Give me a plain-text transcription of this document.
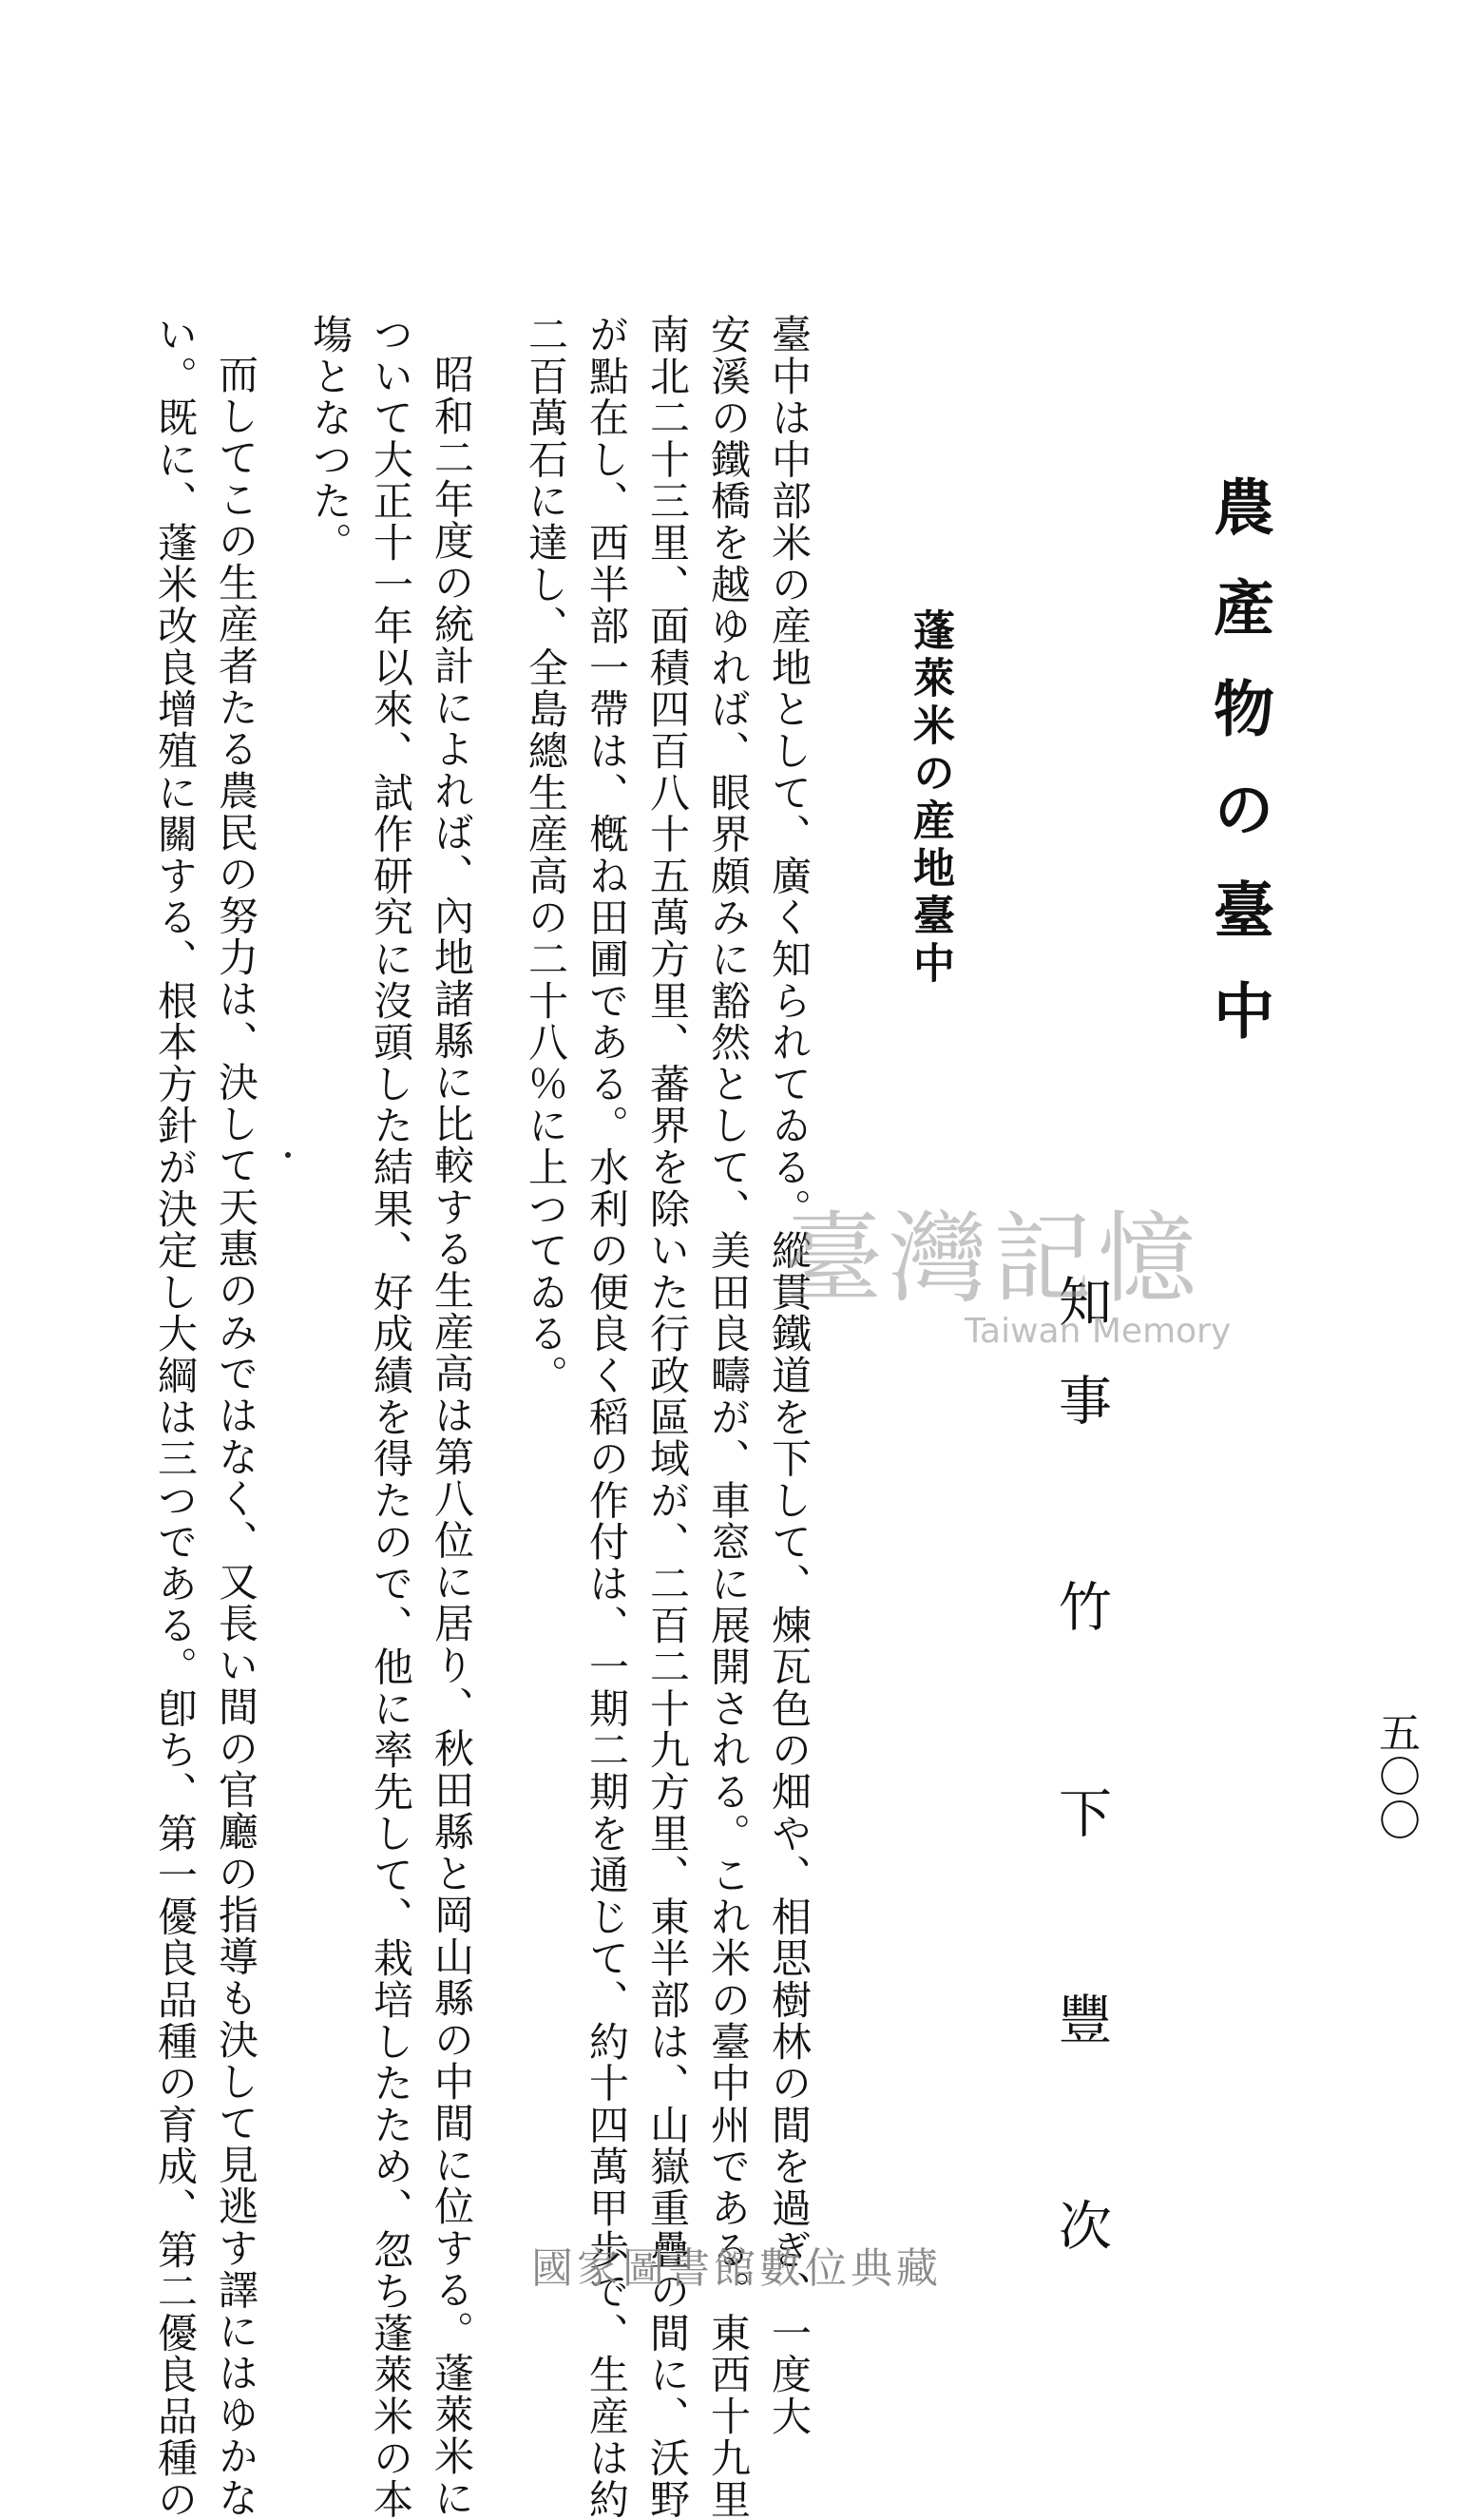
農產物の臺中
五〇〇
蓬萊米の産地臺中
知事 竹 下 豐 次
臺中は中部米の産地として、廣く知られてゐる。縱貫鐵道を下して、煉瓦色の畑や、相思樹林の間を過ぎ、一度大
安溪の鐵橋を越ゆれば、眼界頗みに豁然として、美田良疇が、車窓に展開される。これ米の臺中州である。東西十九里
南北二十三里、面積四百八十五萬方里、蕃界を除いた行政區域が、二百二十九方里、東半部は、山嶽重疊の間に、沃野
が點在し、西半部一帶は、槪ね田圃である。水利の便良く稻の作付は、一期二期を通じて、約十四萬甲歩で、生産は約
二百萬石に達し、全島總生産高の二十八％に上つてゐる。
昭和二年度の統計によれば、內地諸縣に比較する生産高は第八位に居り、秋田縣と岡山縣の中間に位する。蓬萊米に
ついて大正十一年以來、試作研究に沒頭した結果、好成績を得たので、他に率先して、栽培したため、忽ち蓬萊米の本
塲となつた。
而してこの生産者たる農民の努力は、決して天惠のみではなく、又長い間の官廳の指導も決して見逃す譯にはゆかな
い。既に、蓬米改良增殖に關する、根本方針が決定し大綱は三つである。卽ち、第一優良品種の育成、第二優良品種の	臺灣記憶
Taiwan Memory
國家圖書館數位典藏
